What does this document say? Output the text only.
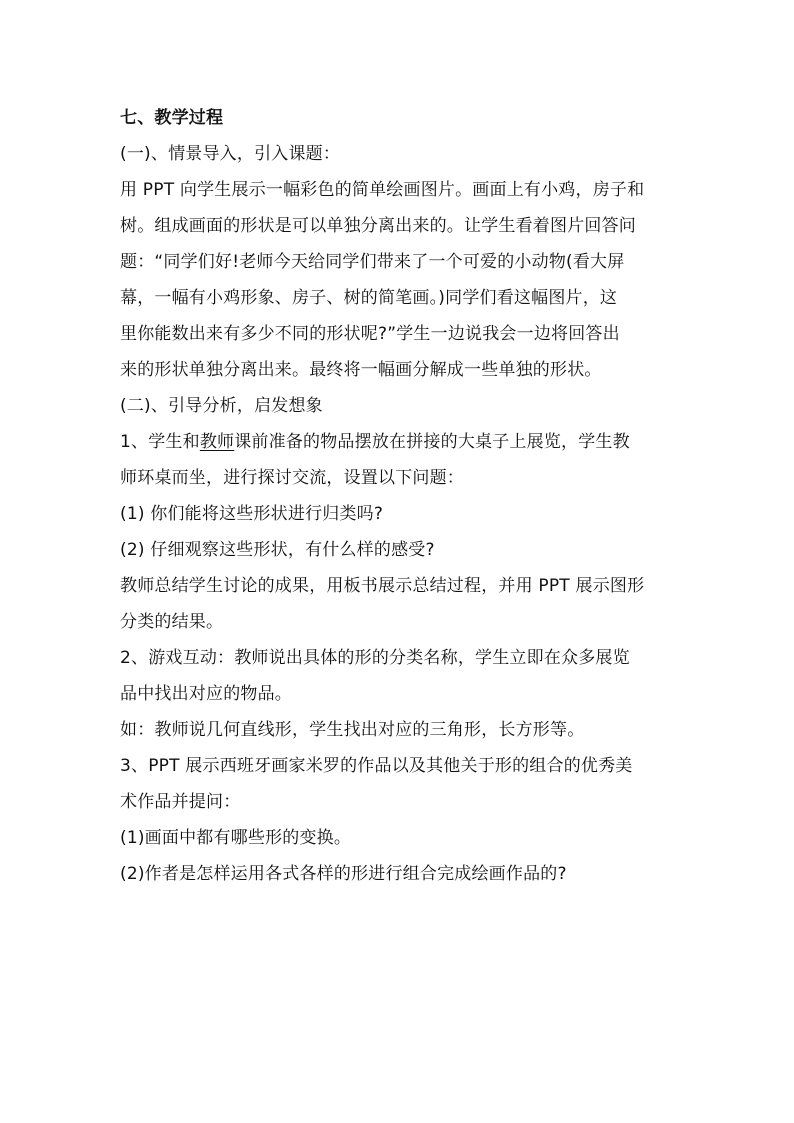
七、教学过程
(一)、情景导入，引入课题：
用 PPT 向学生展示一幅彩色的简单绘画图片。画面上有小鸡，房子和
树。组成画面的形状是可以单独分离出来的。让学生看着图片回答问
题：“同学们好!老师今天给同学们带来了一个可爱的小动物(看大屏
幕，一幅有小鸡形象、房子、树的简笔画。)同学们看这幅图片，这
里你能数出来有多少不同的形状呢?”学生一边说我会一边将回答出
来的形状单独分离出来。最终将一幅画分解成一些单独的形状。
(二)、引导分析，启发想象
1、学生和教师课前准备的物品摆放在拼接的大桌子上展览，学生教
师环桌而坐，进行探讨交流，设置以下问题：
(1) 你们能将这些形状进行归类吗?
(2) 仔细观察这些形状，有什么样的感受?
教师总结学生讨论的成果，用板书展示总结过程，并用 PPT 展示图形
分类的结果。
2、游戏互动：教师说出具体的形的分类名称，学生立即在众多展览
品中找出对应的物品。
如：教师说几何直线形，学生找出对应的三角形，长方形等。
3、PPT 展示西班牙画家米罗的作品以及其他关于形的组合的优秀美
术作品并提问：
(1)画面中都有哪些形的变换。
(2)作者是怎样运用各式各样的形进行组合完成绘画作品的?
